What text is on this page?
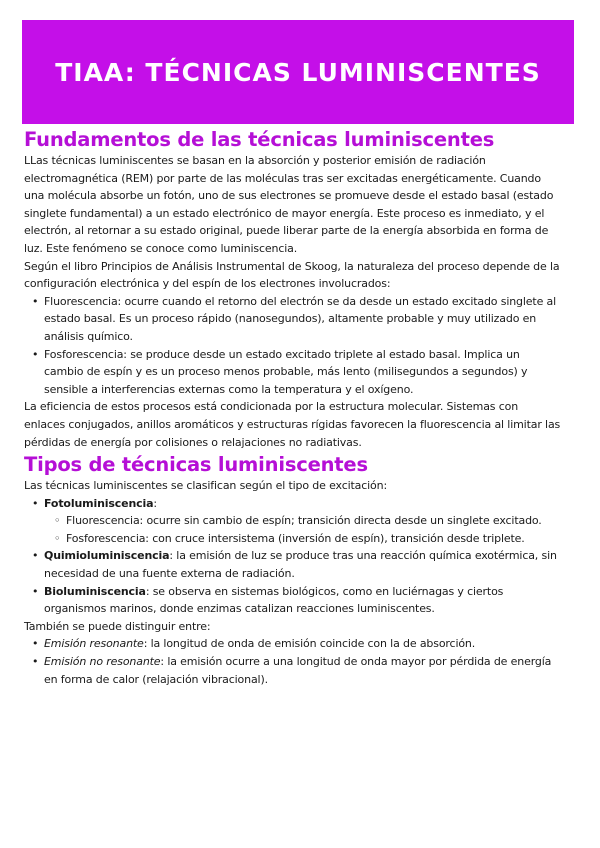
TIAA: TÉCNICAS LUMINISCENTES
Fundamentos de las técnicas luminiscentes

LLas técnicas luminiscentes se basan en la absorción y posterior emisión de radiación electromagnética (REM) por parte de las moléculas tras ser excitadas energéticamente. Cuando una molécula absorbe un fotón, uno de sus electrones se promueve desde el estado basal (estado singlete fundamental) a un estado electrónico de mayor energía. Este proceso es inmediato, y el electrón, al retornar a su estado original, puede liberar parte de la energía absorbida en forma de luz. Este fenómeno se conoce como luminiscencia.

Según el libro Principios de Análisis Instrumental de Skoog, la naturaleza del proceso depende de la configuración electrónica y del espín de los electrones involucrados:

• Fluorescencia: ocurre cuando el retorno del electrón se da desde un estado excitado singlete al estado basal. Es un proceso rápido (nanosegundos), altamente probable y muy utilizado en análisis químico.
• Fosforescencia: se produce desde un estado excitado triplete al estado basal. Implica un cambio de espín y es un proceso menos probable, más lento (milisegundos a segundos) y sensible a interferencias externas como la temperatura y el oxígeno.

La eficiencia de estos procesos está condicionada por la estructura molecular. Sistemas con enlaces conjugados, anillos aromáticos y estructuras rígidas favorecen la fluorescencia al limitar las pérdidas de energía por colisiones o relajaciones no radiativas.

Tipos de técnicas luminiscentes

Las técnicas luminiscentes se clasifican según el tipo de excitación:

• Fotoluminiscencia:
◦ Fluorescencia: ocurre sin cambio de espín; transición directa desde un singlete excitado.
◦ Fosforescencia: con cruce intersistema (inversión de espín), transición desde triplete.
• Quimioluminiscencia: la emisión de luz se produce tras una reacción química exotérmica, sin necesidad de una fuente externa de radiación.
• Bioluminiscencia: se observa en sistemas biológicos, como en luciérnagas y ciertos organismos marinos, donde enzimas catalizan reacciones luminiscentes.

También se puede distinguir entre:

• Emisión resonante: la longitud de onda de emisión coincide con la de absorción.
• Emisión no resonante: la emisión ocurre a una longitud de onda mayor por pérdida de energía en forma de calor (relajación vibracional).
